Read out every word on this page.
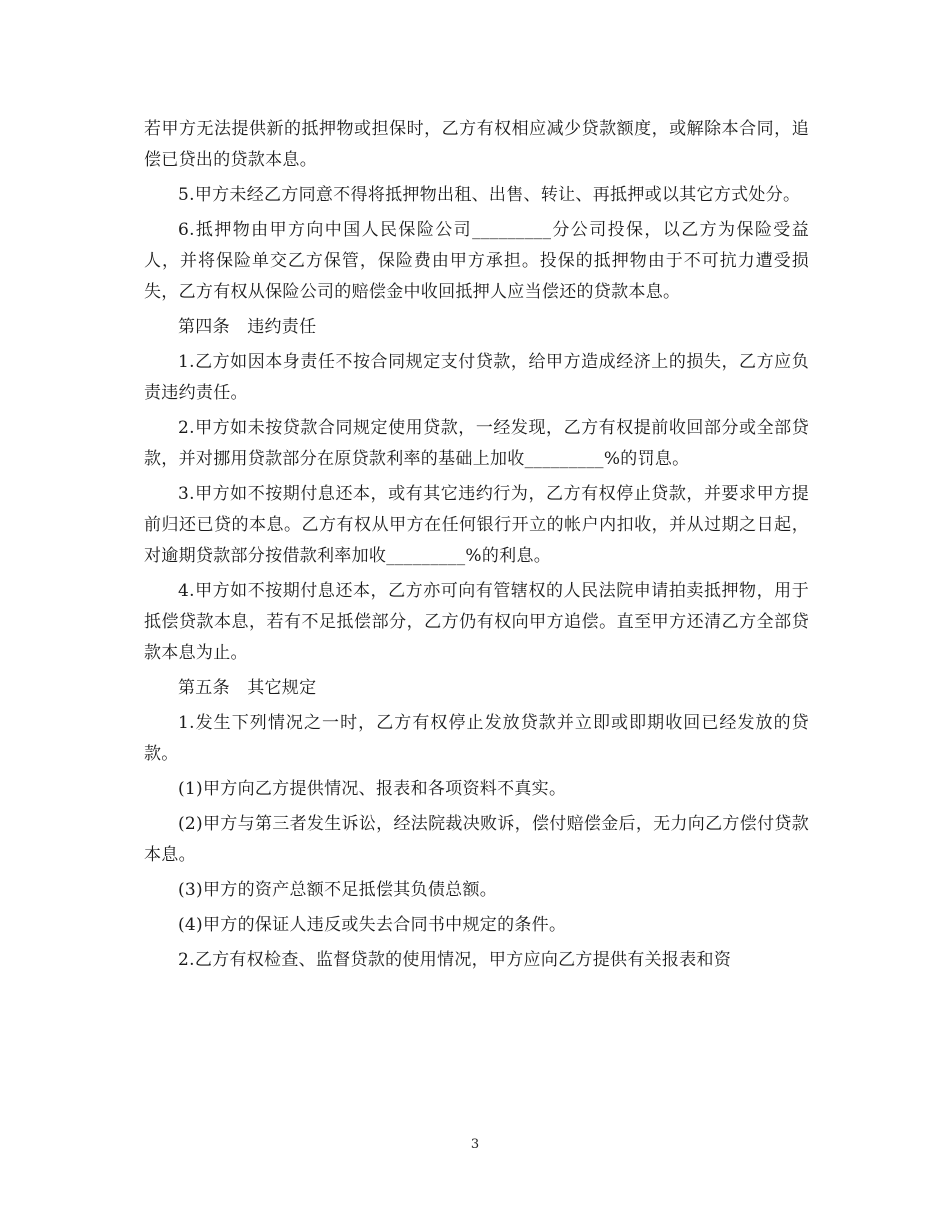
若甲方无法提供新的抵押物或担保时，乙方有权相应减少贷款额度，或解除本合同，追偿已贷出的贷款本息。

5.甲方未经乙方同意不得将抵押物出租、出售、转让、再抵押或以其它方式处分。

6.抵押物由甲方向中国人民保险公司_________分公司投保，以乙方为保险受益人，并将保险单交乙方保管，保险费由甲方承担。投保的抵押物由于不可抗力遭受损失，乙方有权从保险公司的赔偿金中收回抵押人应当偿还的贷款本息。

第四条　违约责任

1.乙方如因本身责任不按合同规定支付贷款，给甲方造成经济上的损失，乙方应负责违约责任。

2.甲方如未按贷款合同规定使用贷款，一经发现，乙方有权提前收回部分或全部贷款，并对挪用贷款部分在原贷款利率的基础上加收_________%的罚息。

3.甲方如不按期付息还本，或有其它违约行为，乙方有权停止贷款，并要求甲方提前归还已贷的本息。乙方有权从甲方在任何银行开立的帐户内扣收，并从过期之日起，对逾期贷款部分按借款利率加收_________%的利息。

4.甲方如不按期付息还本，乙方亦可向有管辖权的人民法院申请拍卖抵押物，用于抵偿贷款本息，若有不足抵偿部分，乙方仍有权向甲方追偿。直至甲方还清乙方全部贷款本息为止。

第五条　其它规定

1.发生下列情况之一时，乙方有权停止发放贷款并立即或即期收回已经发放的贷款。

(1)甲方向乙方提供情况、报表和各项资料不真实。

(2)甲方与第三者发生诉讼，经法院裁决败诉，偿付赔偿金后，无力向乙方偿付贷款本息。

(3)甲方的资产总额不足抵偿其负债总额。

(4)甲方的保证人违反或失去合同书中规定的条件。

2.乙方有权检查、监督贷款的使用情况，甲方应向乙方提供有关报表和资

3
